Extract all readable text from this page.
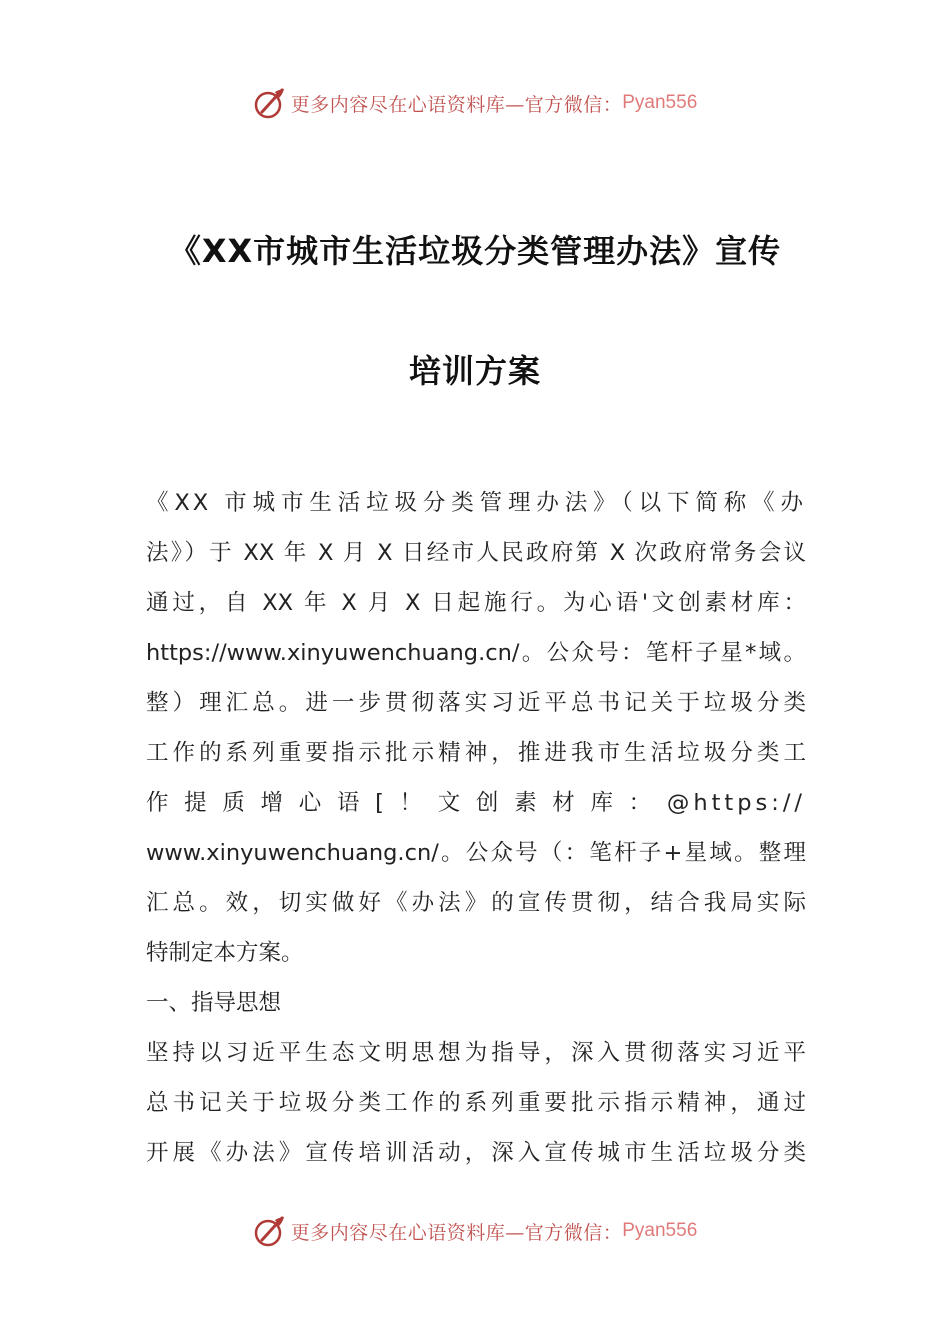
更多内容尽在心语资料库—官方微信： Pyan556
《XX市城市生活垃圾分类管理办法》宣传
培训方案
《XX 市城市生活垃圾分类管理办法》（以下简称《办
法》）于 XX 年 X 月 X 日经市人民政府第 X 次政府常务会议
通过，自 XX 年 X 月 X 日起施行。为心语'文创素材库：
https://www.xinyuwenchuang.cn/。公众号：笔杆子星*域。
整）理汇总。进一步贯彻落实习近平总书记关于垃圾分类
工作的系列重要指示批示精神，推进我市生活垃圾分类工
作提质增心语[！文创素材库：@https://
www.xinyuwenchuang.cn/。公众号（：笔杆子+星域。整理
汇总。效，切实做好《办法》的宣传贯彻，结合我局实际
特制定本方案。
一、指导思想
坚持以习近平生态文明思想为指导，深入贯彻落实习近平
总书记关于垃圾分类工作的系列重要批示指示精神，通过
开展《办法》宣传培训活动，深入宣传城市生活垃圾分类
更多内容尽在心语资料库—官方微信： Pyan556
